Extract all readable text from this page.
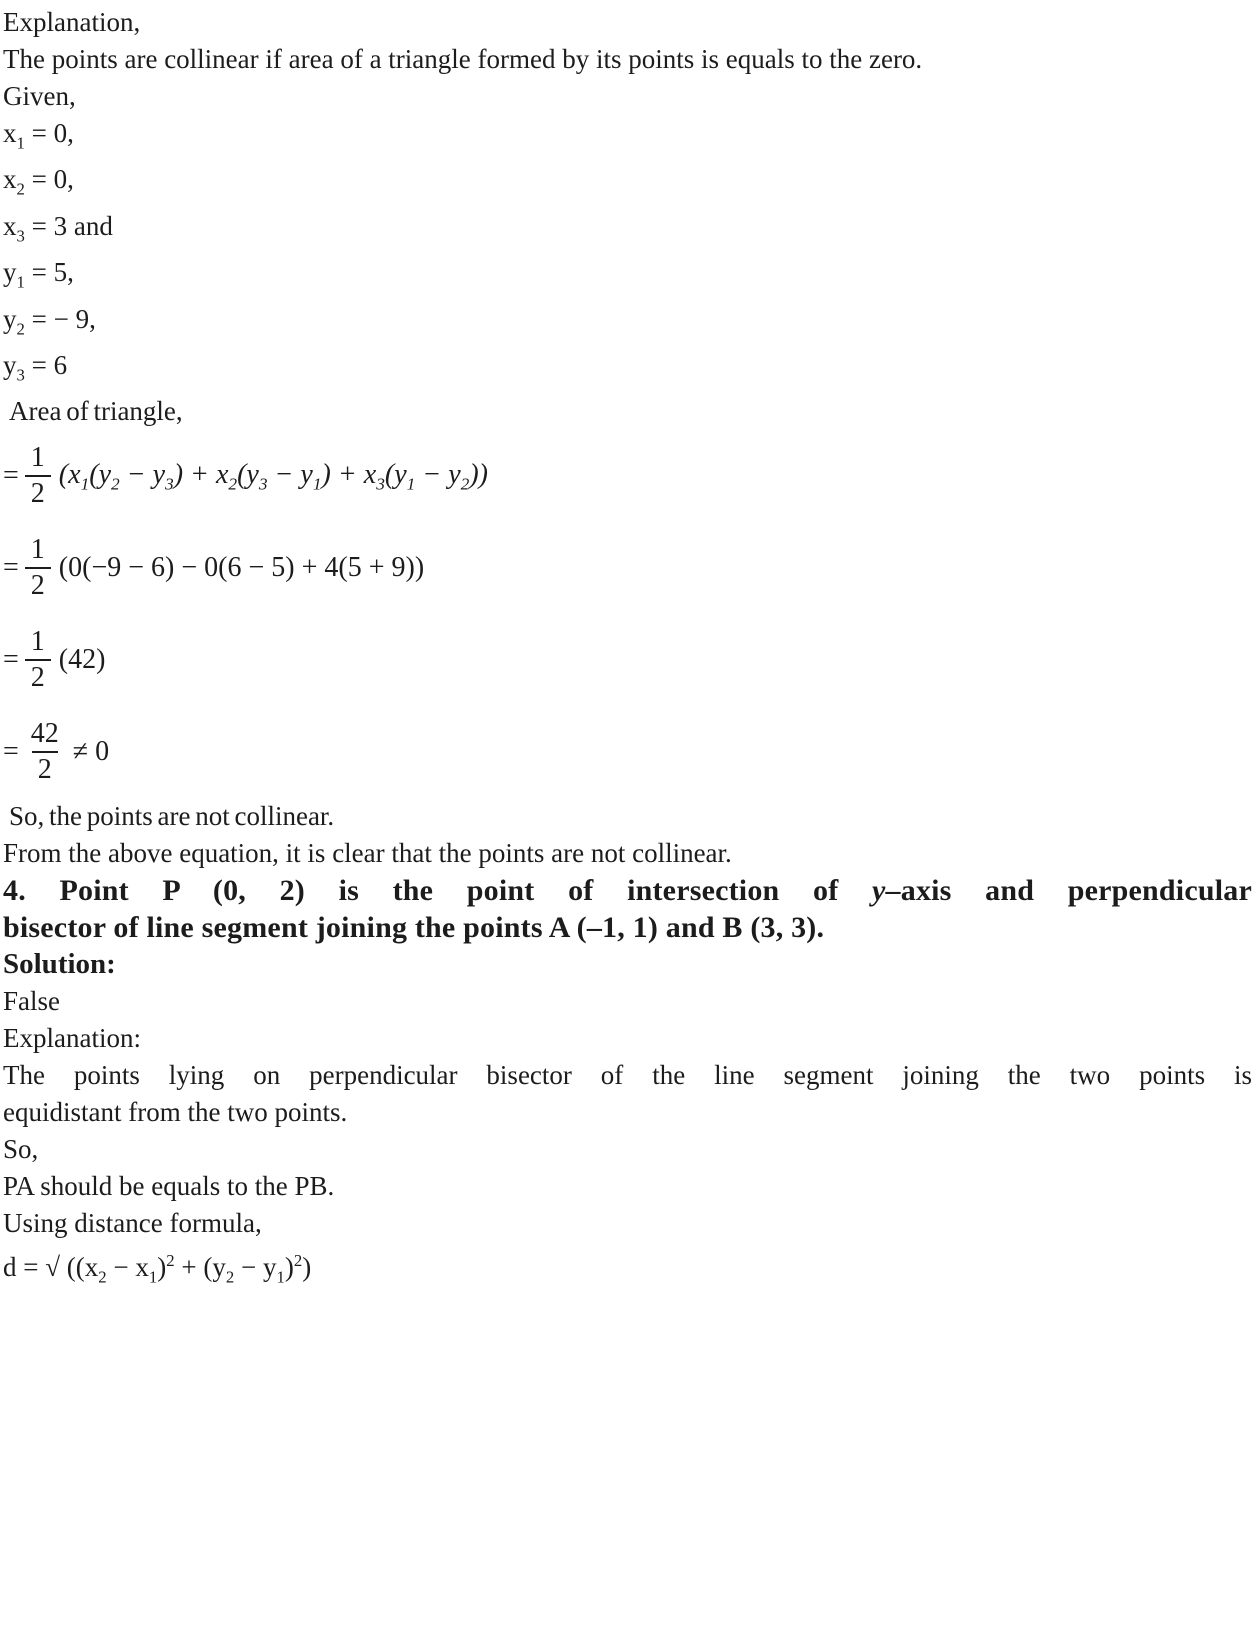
Explanation,

The points are collinear if area of a triangle formed by its points is equals to the zero.

Given,

$x_1 = 0$,

$x_2 = 0$,

$x_3 = 3$ and

$y_1 = 5$,

$y_2$ = − 9,

$y_3 = 6$

Area of triangle,

= $\frac{1}{2} (x_1(y_2 - y_3) + x_2(y_3 - y_1) + x_3(y_1 - y_2))$
= $\frac{1}{2} (0(-9 - 6) - 0(6 - 5) + 4(5 + 9))$
= $\frac{1}{2} (42)$
= $\frac{42}{2} \ne 0$

So, the points are not collinear.

From the above equation, it is clear that the points are not collinear.

4. Point P (0, 2) is the point of intersection of y–axis and perpendicular

bisector of line segment joining the points A (–1, 1) and B (3, 3).

Solution:

False

Explanation:

The points lying on perpendicular bisector of the line segment joining the two points is

equidistant from the two points.

So,

PA should be equals to the PB.

Using distance formula,

d = √ $((x_2 - x_1)^2 + (y_2 - y_1)^2)$
